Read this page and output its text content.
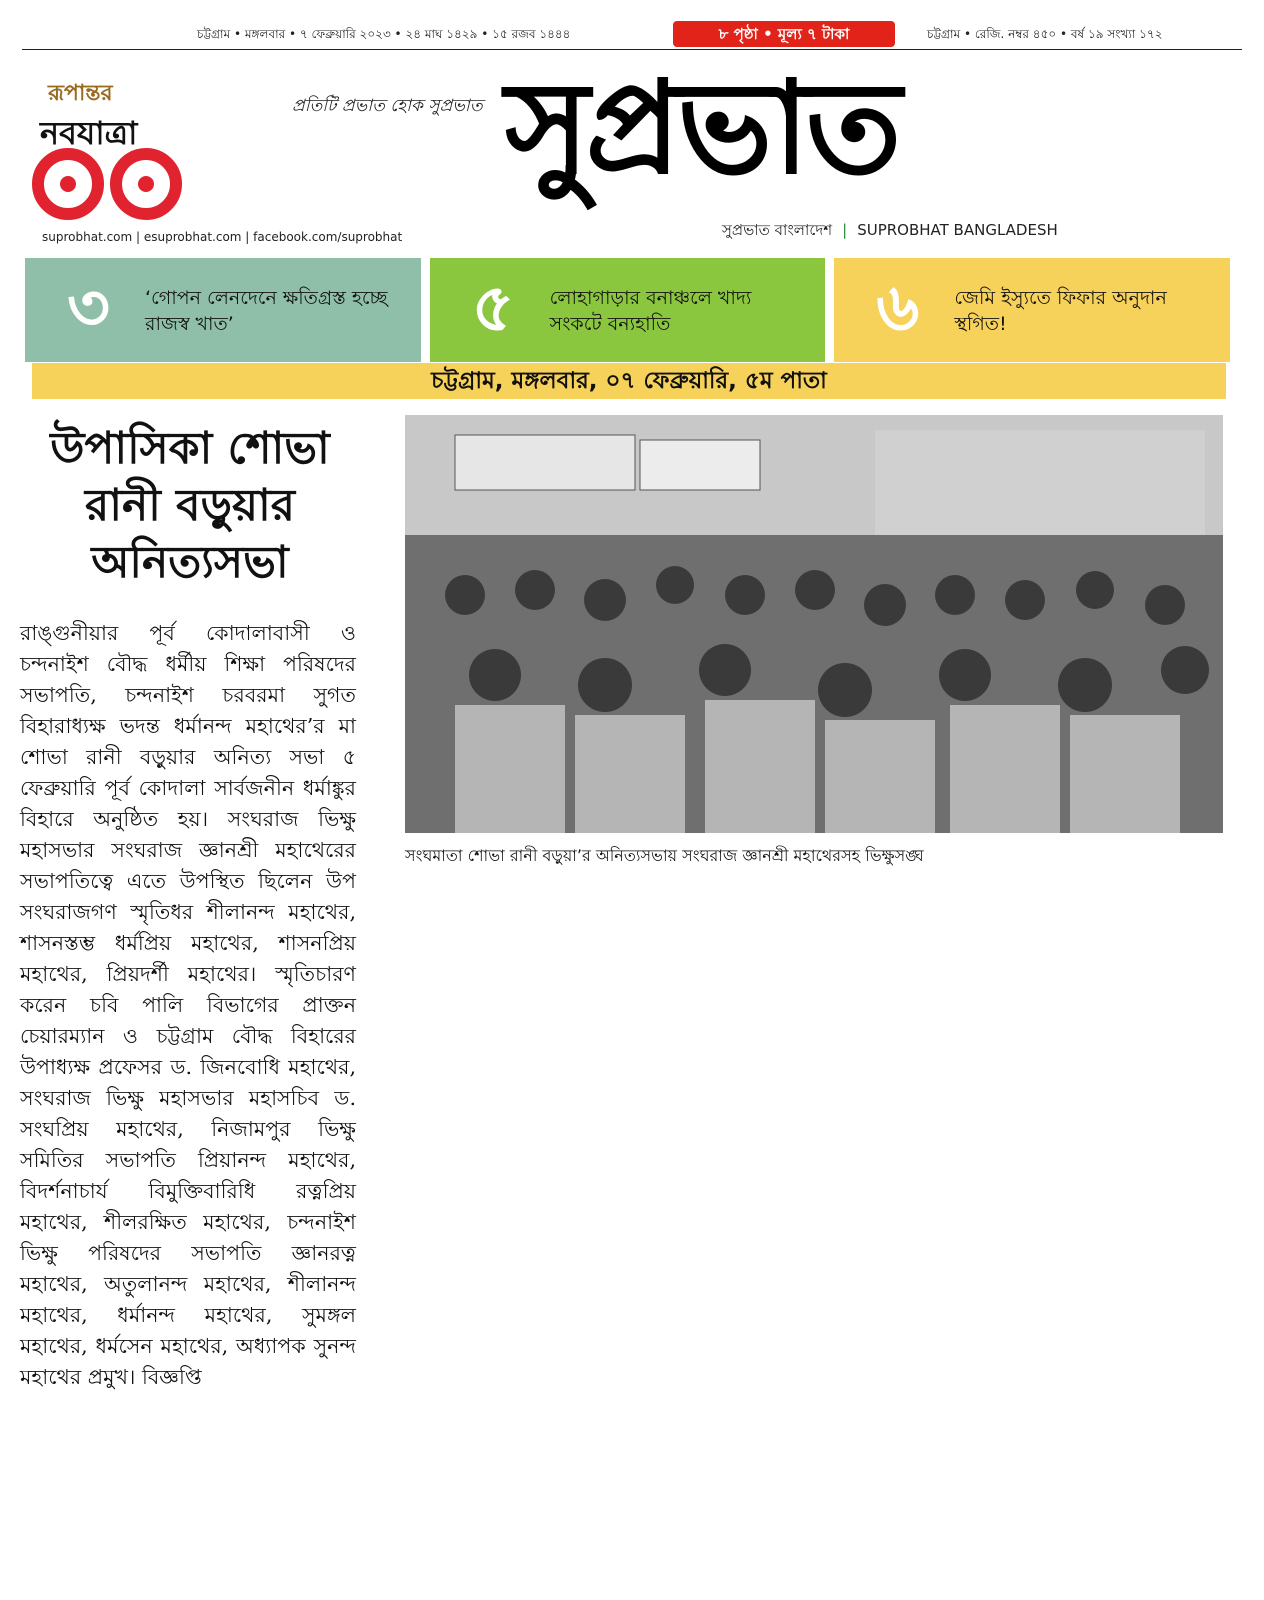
চট্টগ্রাম • মঙ্গলবার • ৭ ফেব্রুয়ারি ২০২৩ • ২৪ মাঘ ১৪২৯ • ১৫ রজব ১৪৪৪	৮ পৃষ্ঠা • মূল্য ৭ টাকা	চট্টগ্রাম • রেজি. নম্বর ৪৫০ • বর্ষ ১৯ সংখ্যা ১৭২
রূপান্তর
নবযাত্রা
১৭
suprobhat.com | esuprobhat.com | facebook.com/suprobhat
প্রতিটি প্রভাত হোক সুপ্রভাত সুপ্রভাত
সুপ্রভাত বাংলাদেশ | SUPROBHAT BANGLADESH
৩ ‘গোপন লেনদেনে ক্ষতিগ্রস্ত হচ্ছে রাজস্ব খাত’	৫ লোহাগাড়ার বনাঞ্চলে খাদ্য সংকটে বন্যহাতি	৬ জেমি ইস্যুতে ফিফার অনুদান স্থগিত!
চট্টগ্রাম, মঙ্গলবার, ০৭ ফেব্রুয়ারি, ৫ম পাতা
উপাসিকা শোভা রানী বড়ুয়ার অনিত্যসভা

রাঙ্গুনীয়ার পূর্ব কোদালাবাসী ও চন্দনাইশ বৌদ্ধ ধর্মীয় শিক্ষা পরিষদের সভাপতি, চন্দনাইশ চরবরমা সুগত বিহারাধ্যক্ষ ভদন্ত ধর্মানন্দ মহাথের’র মা শোভা রানী বড়ুয়ার অনিত্য সভা ৫ ফেব্রুয়ারি পূর্ব কোদালা সার্বজনীন ধর্মাঙ্কুর বিহারে অনুষ্ঠিত হয়। সংঘরাজ ভিক্ষু মহাসভার সংঘরাজ জ্ঞানশ্রী মহাথেরের সভাপতিত্বে এতে উপস্থিত ছিলেন উপ সংঘরাজগণ স্মৃতিধর শীলানন্দ মহাথের, শাসনস্তম্ভ ধর্মপ্রিয় মহাথের, শাসনপ্রিয় মহাথের, প্রিয়দর্শী মহাথের। স্মৃতিচারণ করেন চবি পালি বিভাগের প্রাক্তন চেয়ারম্যান ও চট্টগ্রাম বৌদ্ধ বিহারের উপাধ্যক্ষ প্রফেসর ড. জিনবোধি মহাথের, সংঘরাজ ভিক্ষু মহাসভার মহাসচিব ড. সংঘপ্রিয় মহাথের, নিজামপুর ভিক্ষু সমিতির সভাপতি প্রিয়ানন্দ মহাথের, বিদর্শনাচার্য বিমুক্তিবারিধি রত্নপ্রিয় মহাথের, শীলরক্ষিত মহাথের, চন্দনাইশ ভিক্ষু পরিষদের সভাপতি জ্ঞানরত্ন মহাথের, অতুলানন্দ মহাথের, শীলানন্দ মহাথের, ধর্মানন্দ মহাথের, সুমঙ্গল মহাথের, ধর্মসেন মহাথের, অধ্যাপক সুনন্দ মহাথের প্রমুখ। বিজ্ঞপ্তি

সংঘমাতা শোভা রানী বড়ুয়া’র অনিত্যসভায় সংঘরাজ জ্ঞানশ্রী মহাথেরসহ ভিক্ষুসঙ্ঘ
